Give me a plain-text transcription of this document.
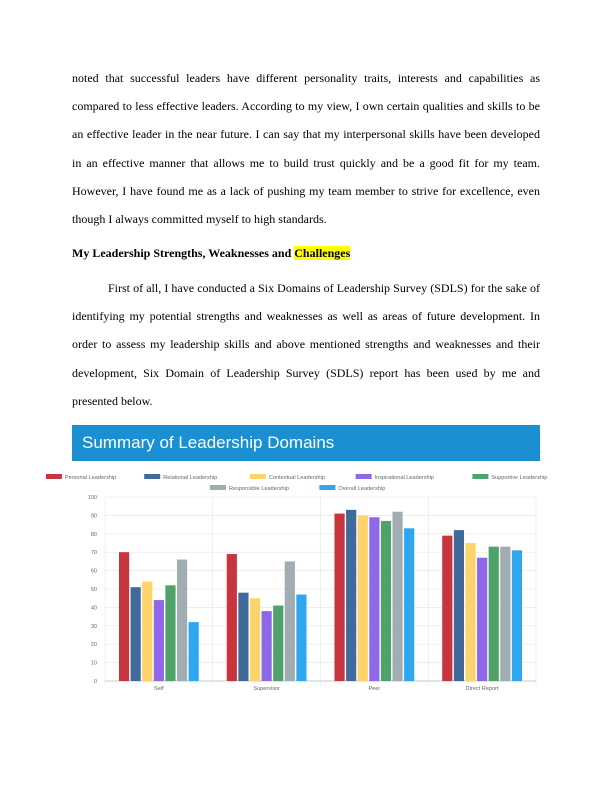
noted that successful leaders have different personality traits, interests and capabilities as compared to less effective leaders. According to my view, I own certain qualities and skills to be an effective leader in the near future. I can say that my interpersonal skills have been developed in an effective manner that allows me to build trust quickly and be a good fit for my team. However, I have found me as a lack of pushing my team member to strive for excellence, even though I always committed myself to high standards.

My Leadership Strengths, Weaknesses and Challenges

First of all, I have conducted a Six Domains of Leadership Survey (SDLS) for the sake of identifying my potential strengths and weaknesses as well as areas of future development. In order to assess my leadership skills and above mentioned strengths and weaknesses and their development, Six Domain of Leadership Survey (SDLS) report has been used by me and presented below.

Summary of Leadership Domains
Personal Leadership	Relational Leadership	Contextual Leadership	Inspirational Leadership	Supportive Leadership
Responsible Leadership	Overall Leadership
0
10
20
30
40
50
60
70
80
90
100
Self	Supervisor	Peer	Direct Report
